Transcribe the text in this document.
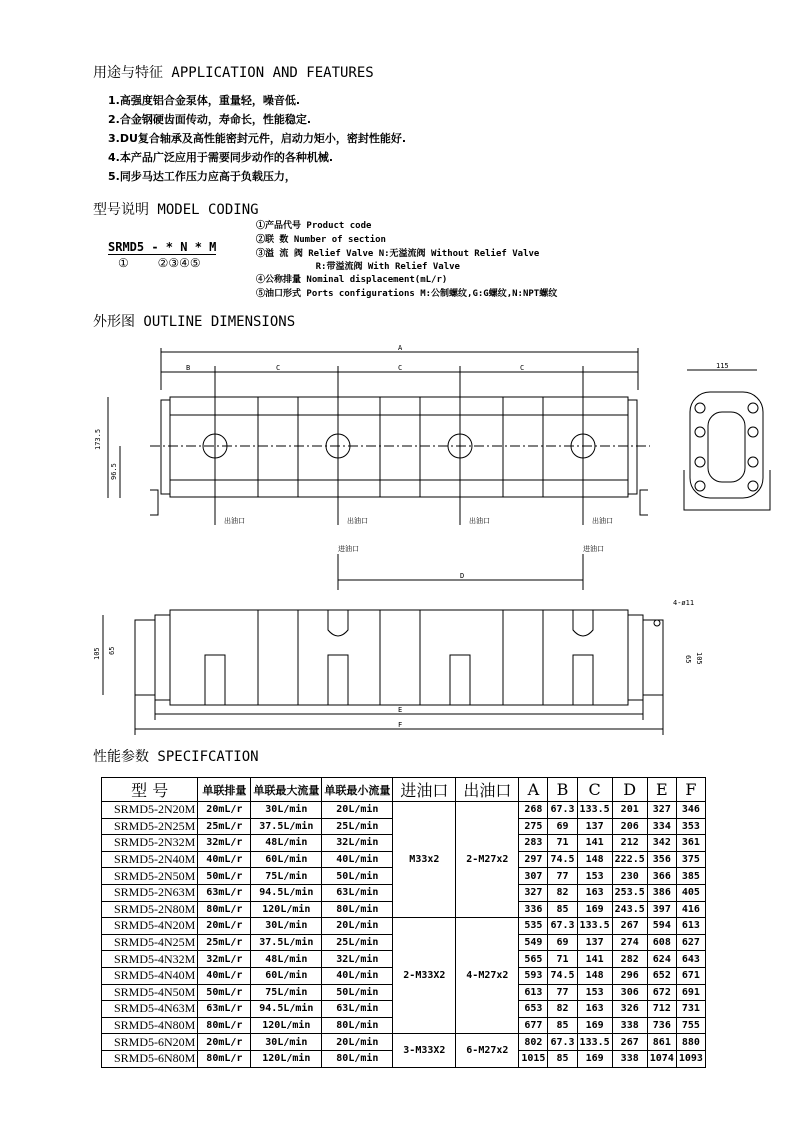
用途与特征 APPLICATION AND FEATURES
1.高强度铝合金泵体，重量轻，噪音低.
2.合金钢硬齿面传动，寿命长，性能稳定.
3.DU复合轴承及高性能密封元件，启动力矩小，密封性能好.
4.本产品广泛应用于需要同步动作的各种机械.
5.同步马达工作压力应高于负载压力，
型号说明 MODEL CODING
SRMD5 - * N * M
①    ②③④⑤
①产品代号 Product code
②联 数 Number of section
③溢 流 阀 Relief Valve N:无溢流阀 Without Relief Valve
R:带溢流阀 With Relief Valve
④公称排量 Nominal displacement(mL/r)
⑤油口形式 Ports configurations M:公制螺纹,G:G螺纹,N:NPT螺纹
外形图 OUTLINE DIMENSIONS
A
B	C	C	C
173.5
96.5
出油口	出油口	出油口	出油口
115
进油口	进油口
D
4-ø11
105 65
65 105
E
F
性能参数 SPECIFCATION
型 号	单联排量	单联最大流量	单联最小流量	进油口	出油口	A	B	C	D	E	F
SRMD5-2N20M	20mL/r	30L/min	20L/min	M33x2	2-M27x2	268	67.3	133.5	201	327	346
SRMD5-2N25M	25mL/r	37.5L/min	25L/min			275	69	137	206	334	353
SRMD5-2N32M	32mL/r	48L/min	32L/min			283	71	141	212	342	361
SRMD5-2N40M	40mL/r	60L/min	40L/min			297	74.5	148	222.5	356	375
SRMD5-2N50M	50mL/r	75L/min	50L/min			307	77	153	230	366	385
SRMD5-2N63M	63mL/r	94.5L/min	63L/min			327	82	163	253.5	386	405
SRMD5-2N80M	80mL/r	120L/min	80L/min			336	85	169	243.5	397	416
SRMD5-4N20M	20mL/r	30L/min	20L/min	2-M33X2	4-M27x2	535	67.3	133.5	267	594	613
SRMD5-4N25M	25mL/r	37.5L/min	25L/min			549	69	137	274	608	627
SRMD5-4N32M	32mL/r	48L/min	32L/min			565	71	141	282	624	643
SRMD5-4N40M	40mL/r	60L/min	40L/min			593	74.5	148	296	652	671
SRMD5-4N50M	50mL/r	75L/min	50L/min			613	77	153	306	672	691
SRMD5-4N63M	63mL/r	94.5L/min	63L/min			653	82	163	326	712	731
SRMD5-4N80M	80mL/r	120L/min	80L/min			677	85	169	338	736	755
SRMD5-6N20M	20mL/r	30L/min	20L/min	3-M33X2	6-M27x2	802	67.3	133.5	267	861	880
SRMD5-6N80M	80mL/r	120L/min	80L/min			1015	85	169	338	1074	1093
